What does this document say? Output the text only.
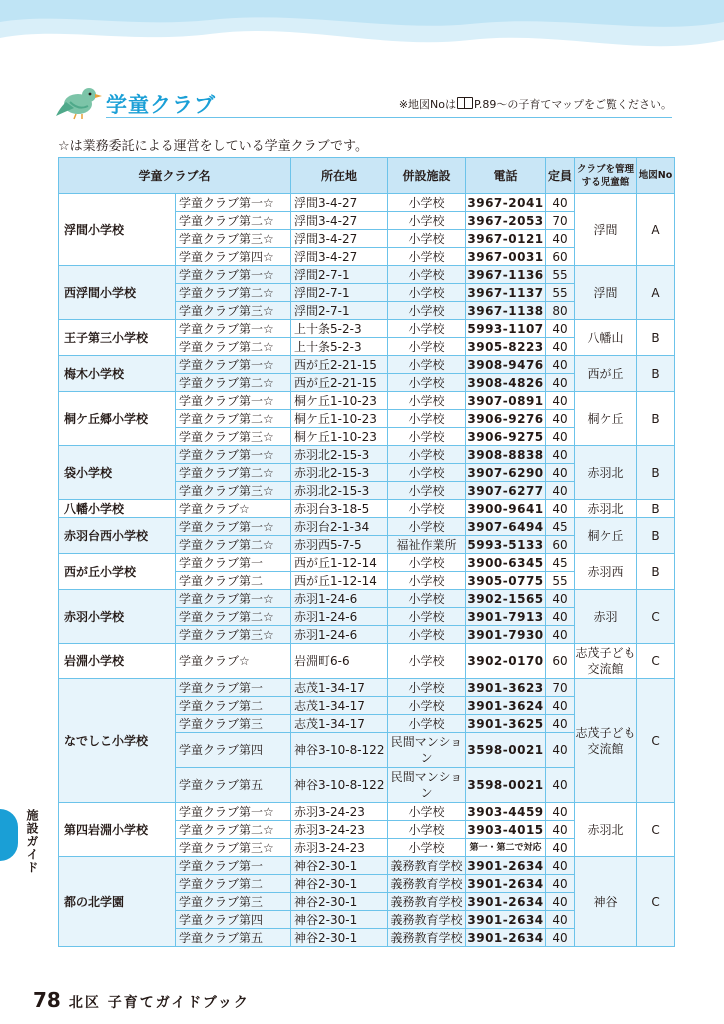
学童クラブ	※地図Noは P.89〜の子育てマップをご覧ください。
☆は業務委託による運営をしている学童クラブです。
学童クラブ名		所在地	併設施設	電話	定員	クラブを管理する児童館	地図No
浮間小学校	学童クラブ第一☆	浮間3-4-27	小学校	3967-2041	40	浮間	A
	学童クラブ第二☆	浮間3-4-27	小学校	3967-2053	70		
	学童クラブ第三☆	浮間3-4-27	小学校	3967-0121	40		
	学童クラブ第四☆	浮間3-4-27	小学校	3967-0031	60		
西浮間小学校	学童クラブ第一☆	浮間2-7-1	小学校	3967-1136	55	浮間	A
	学童クラブ第二☆	浮間2-7-1	小学校	3967-1137	55		
	学童クラブ第三☆	浮間2-7-1	小学校	3967-1138	80		
王子第三小学校	学童クラブ第一☆	上十条5-2-3	小学校	5993-1107	40	八幡山	B
	学童クラブ第二☆	上十条5-2-3	小学校	3905-8223	40		
梅木小学校	学童クラブ第一☆	西が丘2-21-15	小学校	3908-9476	40	西が丘	B
	学童クラブ第二☆	西が丘2-21-15	小学校	3908-4826	40		
桐ケ丘郷小学校	学童クラブ第一☆	桐ケ丘1-10-23	小学校	3907-0891	40	桐ケ丘	B
	学童クラブ第二☆	桐ケ丘1-10-23	小学校	3906-9276	40		
	学童クラブ第三☆	桐ケ丘1-10-23	小学校	3906-9275	40		
袋小学校	学童クラブ第一☆	赤羽北2-15-3	小学校	3908-8838	40	赤羽北	B
	学童クラブ第二☆	赤羽北2-15-3	小学校	3907-6290	40		
	学童クラブ第三☆	赤羽北2-15-3	小学校	3907-6277	40		
八幡小学校	学童クラブ☆	赤羽台3-18-5	小学校	3900-9641	40	赤羽北	B
赤羽台西小学校	学童クラブ第一☆	赤羽台2-1-34	小学校	3907-6494	45	桐ケ丘	B
	学童クラブ第二☆	赤羽西5-7-5	福祉作業所	5993-5133	60		
西が丘小学校	学童クラブ第一	西が丘1-12-14	小学校	3900-6345	45	赤羽西	B
	学童クラブ第二	西が丘1-12-14	小学校	3905-0775	55		
赤羽小学校	学童クラブ第一☆	赤羽1-24-6	小学校	3902-1565	40	赤羽	C
	学童クラブ第二☆	赤羽1-24-6	小学校	3901-7913	40		
	学童クラブ第三☆	赤羽1-24-6	小学校	3901-7930	40		
岩淵小学校	学童クラブ☆	岩淵町6-6	小学校	3902-0170	60	志茂子ども交流館	C
なでしこ小学校	学童クラブ第一	志茂1-34-17	小学校	3901-3623	70	志茂子ども交流館	C
	学童クラブ第二	志茂1-34-17	小学校	3901-3624	40		
	学童クラブ第三	志茂1-34-17	小学校	3901-3625	40		
	学童クラブ第四	神谷3-10-8-122	民間マンション	3598-0021	40		
	学童クラブ第五	神谷3-10-8-122	民間マンション	3598-0021	40		
第四岩淵小学校	学童クラブ第一☆	赤羽3-24-23	小学校	3903-4459	40	赤羽北	C
	学童クラブ第二☆	赤羽3-24-23	小学校	3903-4015	40		
	学童クラブ第三☆	赤羽3-24-23	小学校	第一・第二で対応	40		
都の北学園	学童クラブ第一	神谷2-30-1	義務教育学校	3901-2634	40	神谷	C
	学童クラブ第二	神谷2-30-1	義務教育学校	3901-2634	40		
	学童クラブ第三	神谷2-30-1	義務教育学校	3901-2634	40		
	学童クラブ第四	神谷2-30-1	義務教育学校	3901-2634	40		
	学童クラブ第五	神谷2-30-1	義務教育学校	3901-2634	40		
施設ガイド
78 北区 子育てガイドブック
